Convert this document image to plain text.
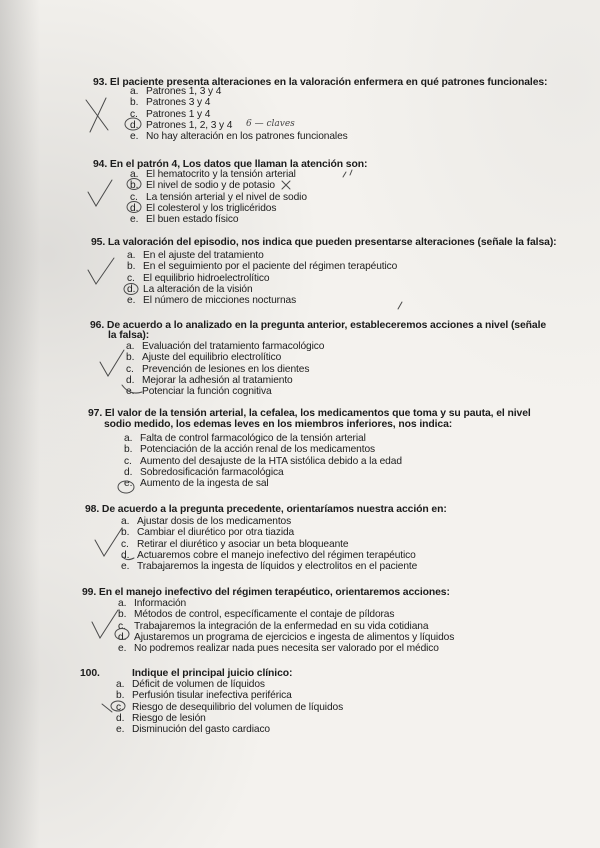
93. El paciente presenta alteraciones en la valoración enfermera en qué patrones funcionales:
a. Patrones 1, 3 y 4
b. Patrones 3 y 4
c. Patrones 1 y 4
d. Patrones 1, 2, 3 y 4
e. No hay alteración en los patrones funcionales
6 — claves
94. En el patrón 4, Los datos que llaman la atención son:
a. El hematocrito y la tensión arterial
b. El nivel de sodio y de potasio
c. La tensión arterial y el nivel de sodio
d. El colesterol y los triglicéridos
e. El buen estado físico
95. La valoración del episodio, nos indica que pueden presentarse alteraciones (señale la falsa):
a. En el ajuste del tratamiento
b. En el seguimiento por el paciente del régimen terapéutico
c. El equilibrio hidroelectrolítico
d. La alteración de la visión
e. El número de micciones nocturnas
96. De acuerdo a lo analizado en la pregunta anterior, estableceremos acciones a nivel (señale
la falsa):
a. Evaluación del tratamiento farmacológico
b. Ajuste del equilibrio electrolítico
c. Prevención de lesiones en los dientes
d. Mejorar la adhesión al tratamiento
e. Potenciar la función cognitiva
97. El valor de la tensión arterial, la cefalea, los medicamentos que toma y su pauta, el nivel
sodio medido, los edemas leves en los miembros inferiores, nos indica:
a. Falta de control farmacológico de la tensión arterial
b. Potenciación de la acción renal de los medicamentos
c. Aumento del desajuste de la HTA sistólica debido a la edad
d. Sobredosificación farmacológica
e. Aumento de la ingesta de sal
98. De acuerdo a la pregunta precedente, orientaríamos nuestra acción en:
a. Ajustar dosis de los medicamentos
b. Cambiar el diurético por otra tiazida
c. Retirar el diurético y asociar un beta bloqueante
d. Actuaremos cobre el manejo inefectivo del régimen terapéutico
e. Trabajaremos la ingesta de líquidos y electrolitos en el paciente
99. En el manejo inefectivo del régimen terapéutico, orientaremos acciones:
a. Información
b. Métodos de control, específicamente el contaje de píldoras
c. Trabajaremos la integración de la enfermedad en su vida cotidiana
d. Ajustaremos un programa de ejercicios e ingesta de alimentos y líquidos
e. No podremos realizar nada pues necesita ser valorado por el médico
100.	Indique el principal juicio clínico:
a. Déficit de volumen de líquidos
b. Perfusión tisular inefectiva periférica
c. Riesgo de desequilibrio del volumen de líquidos
d. Riesgo de lesión
e. Disminución del gasto cardiaco
